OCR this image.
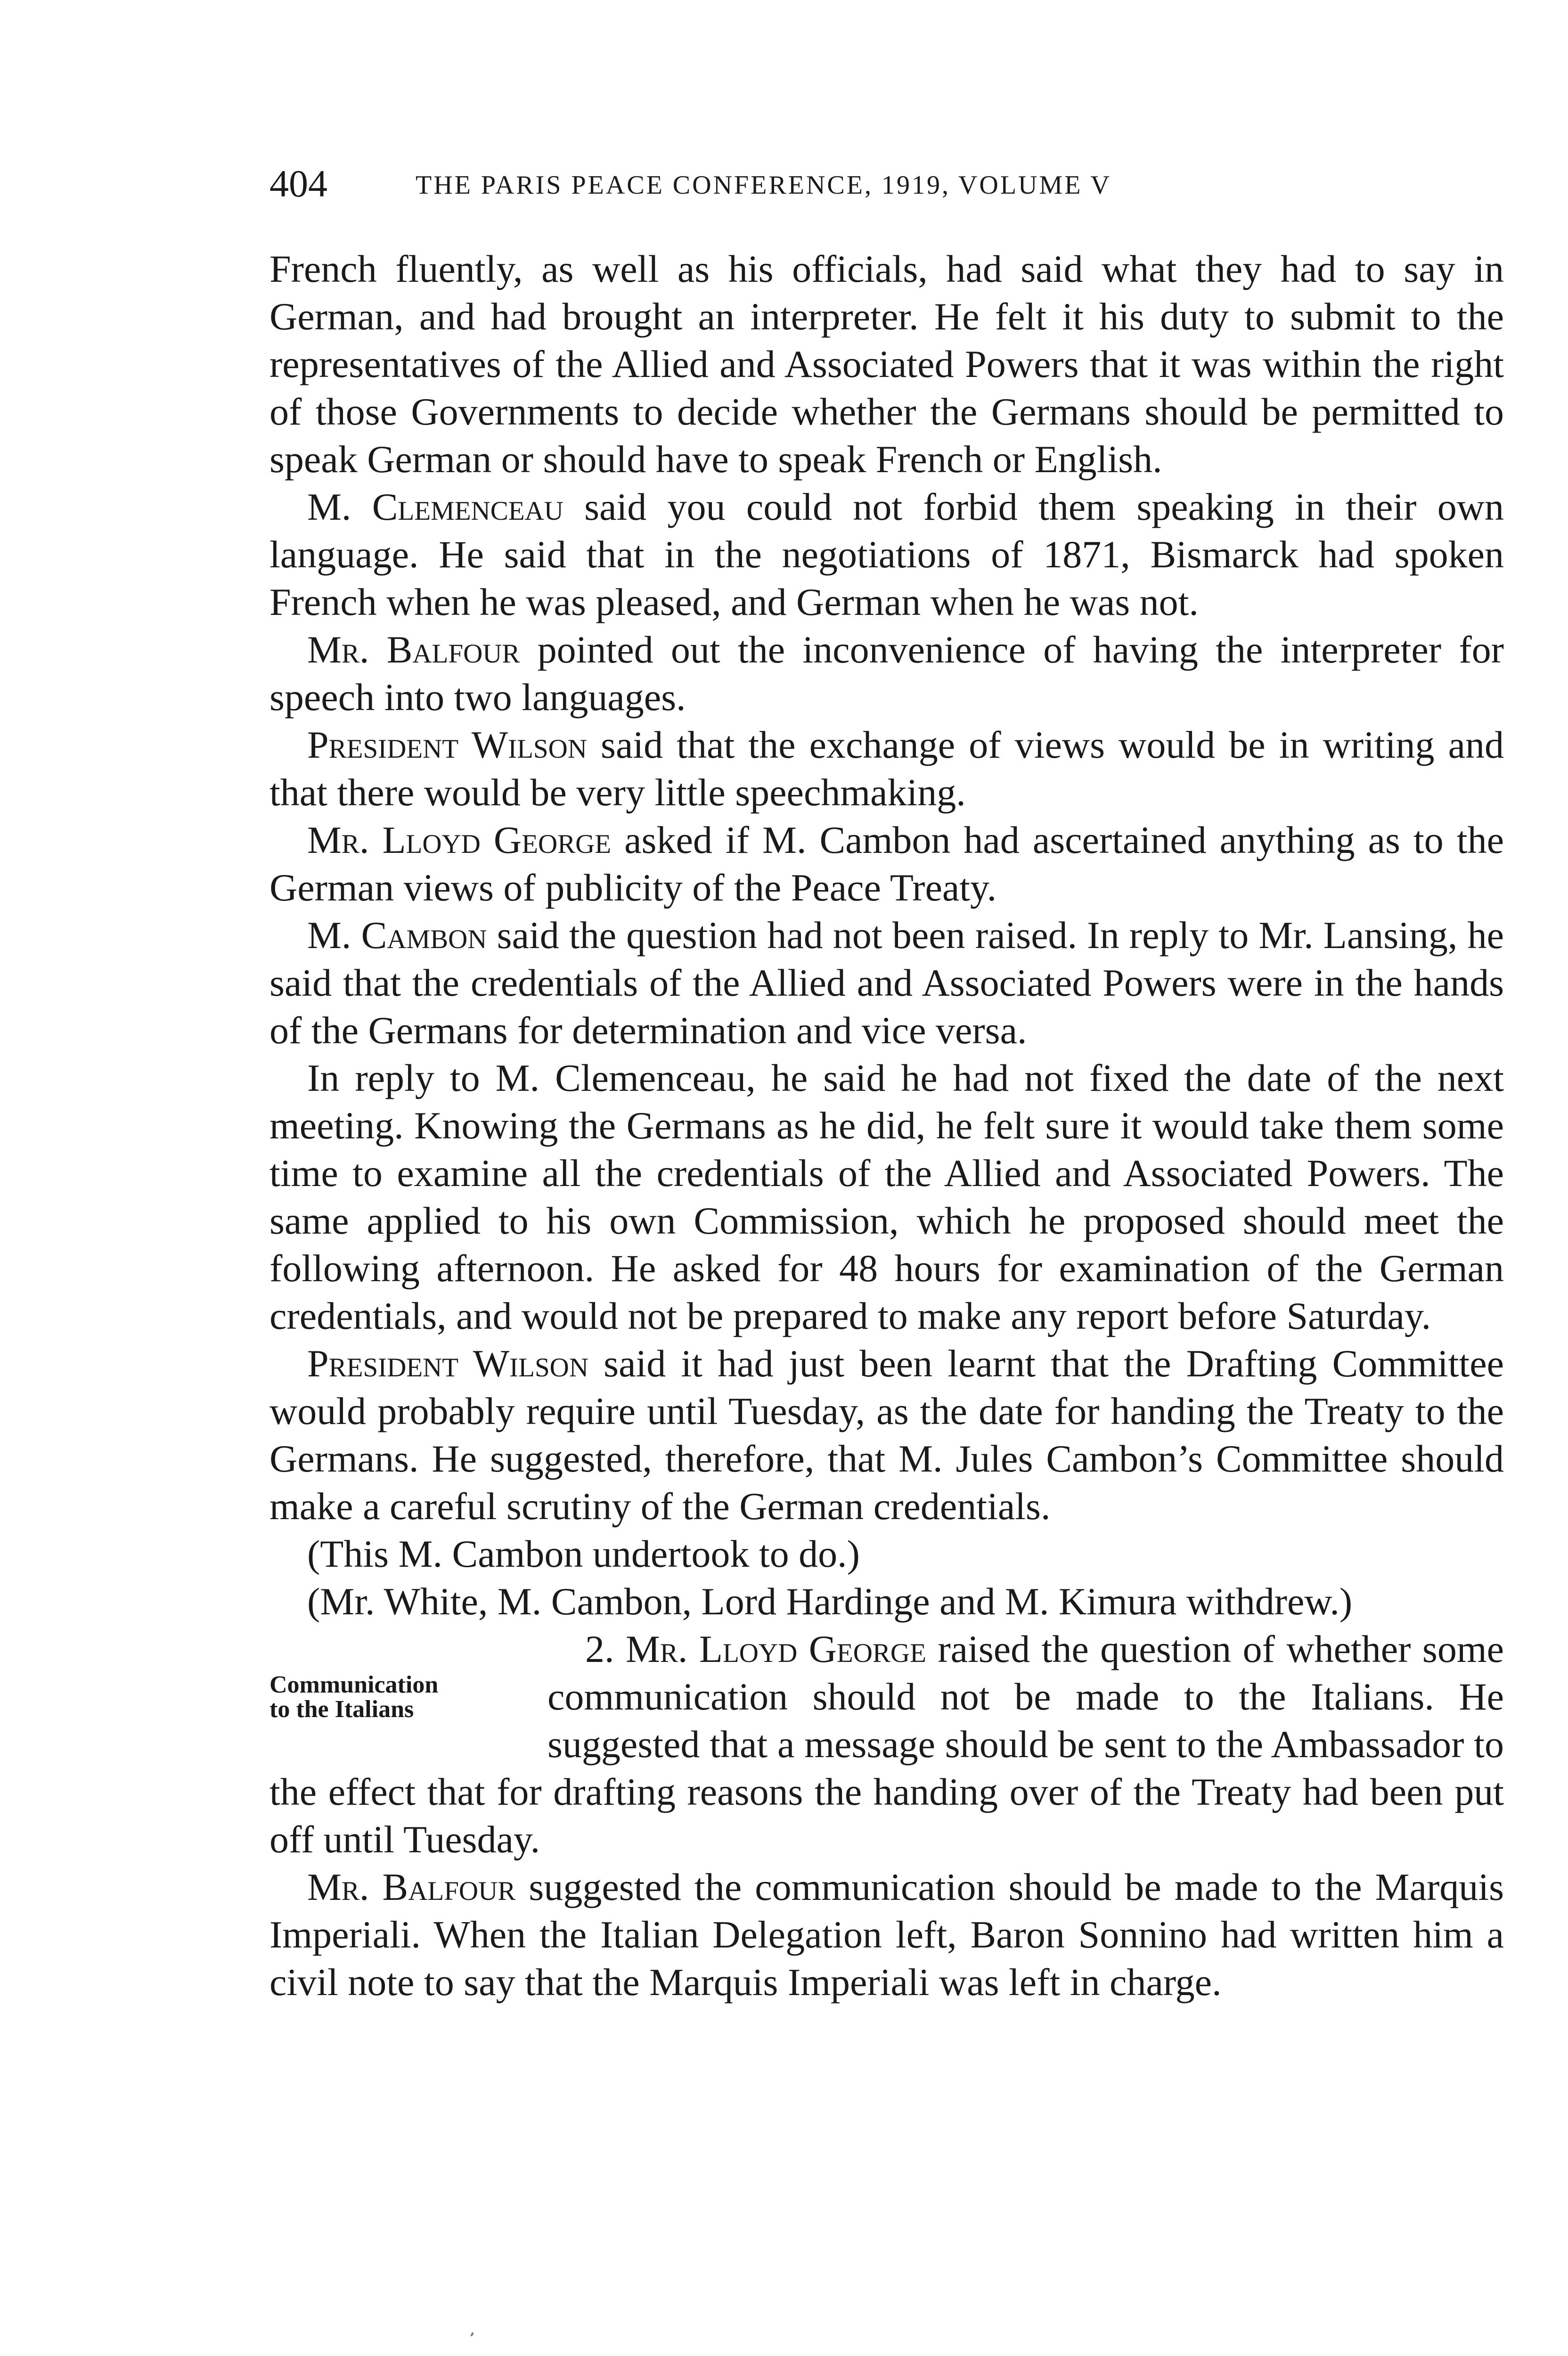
404	THE PARIS PEACE CONFERENCE, 1919, VOLUME V

French fluently, as well as his officials, had said what they had to say in German, and had brought an interpreter. He felt it his duty to submit to the representatives of the Allied and Associated Powers that it was within the right of those Governments to decide whether the Germans should be permitted to speak German or should have to speak French or English.

M. Clemenceau said you could not forbid them speaking in their own language. He said that in the negotiations of 1871, Bismarck had spoken French when he was pleased, and German when he was not.

Mr. Balfour pointed out the inconvenience of having the interpreter for speech into two languages.

President Wilson said that the exchange of views would be in writing and that there would be very little speechmaking.

Mr. Lloyd George asked if M. Cambon had ascertained anything as to the German views of publicity of the Peace Treaty.

M. Cambon said the question had not been raised. In reply to Mr. Lansing, he said that the credentials of the Allied and Associated Powers were in the hands of the Germans for determination and vice versa.

In reply to M. Clemenceau, he said he had not fixed the date of the next meeting. Knowing the Germans as he did, he felt sure it would take them some time to examine all the credentials of the Allied and Associated Powers. The same applied to his own Commission, which he proposed should meet the following afternoon. He asked for 48 hours for examination of the German credentials, and would not be prepared to make any report before Saturday.

President Wilson said it had just been learnt that the Drafting Committee would probably require until Tuesday, as the date for handing the Treaty to the Germans. He suggested, therefore, that M. Jules Cambon’s Committee should make a careful scrutiny of the German credentials.

(This M. Cambon undertook to do.)

(Mr. White, M. Cambon, Lord Hardinge and M. Kimura withdrew.)

Communication
to the Italians
2. Mr. Lloyd George raised the question of whether some communication should not be made to the Italians. He suggested that a message should be sent to the Ambassador to the effect that for drafting reasons the handing over of the Treaty had been put off until Tuesday.

Mr. Balfour suggested the communication should be made to the Marquis Imperiali. When the Italian Delegation left, Baron Sonnino had written him a civil note to say that the Marquis Imperiali was left in charge.
